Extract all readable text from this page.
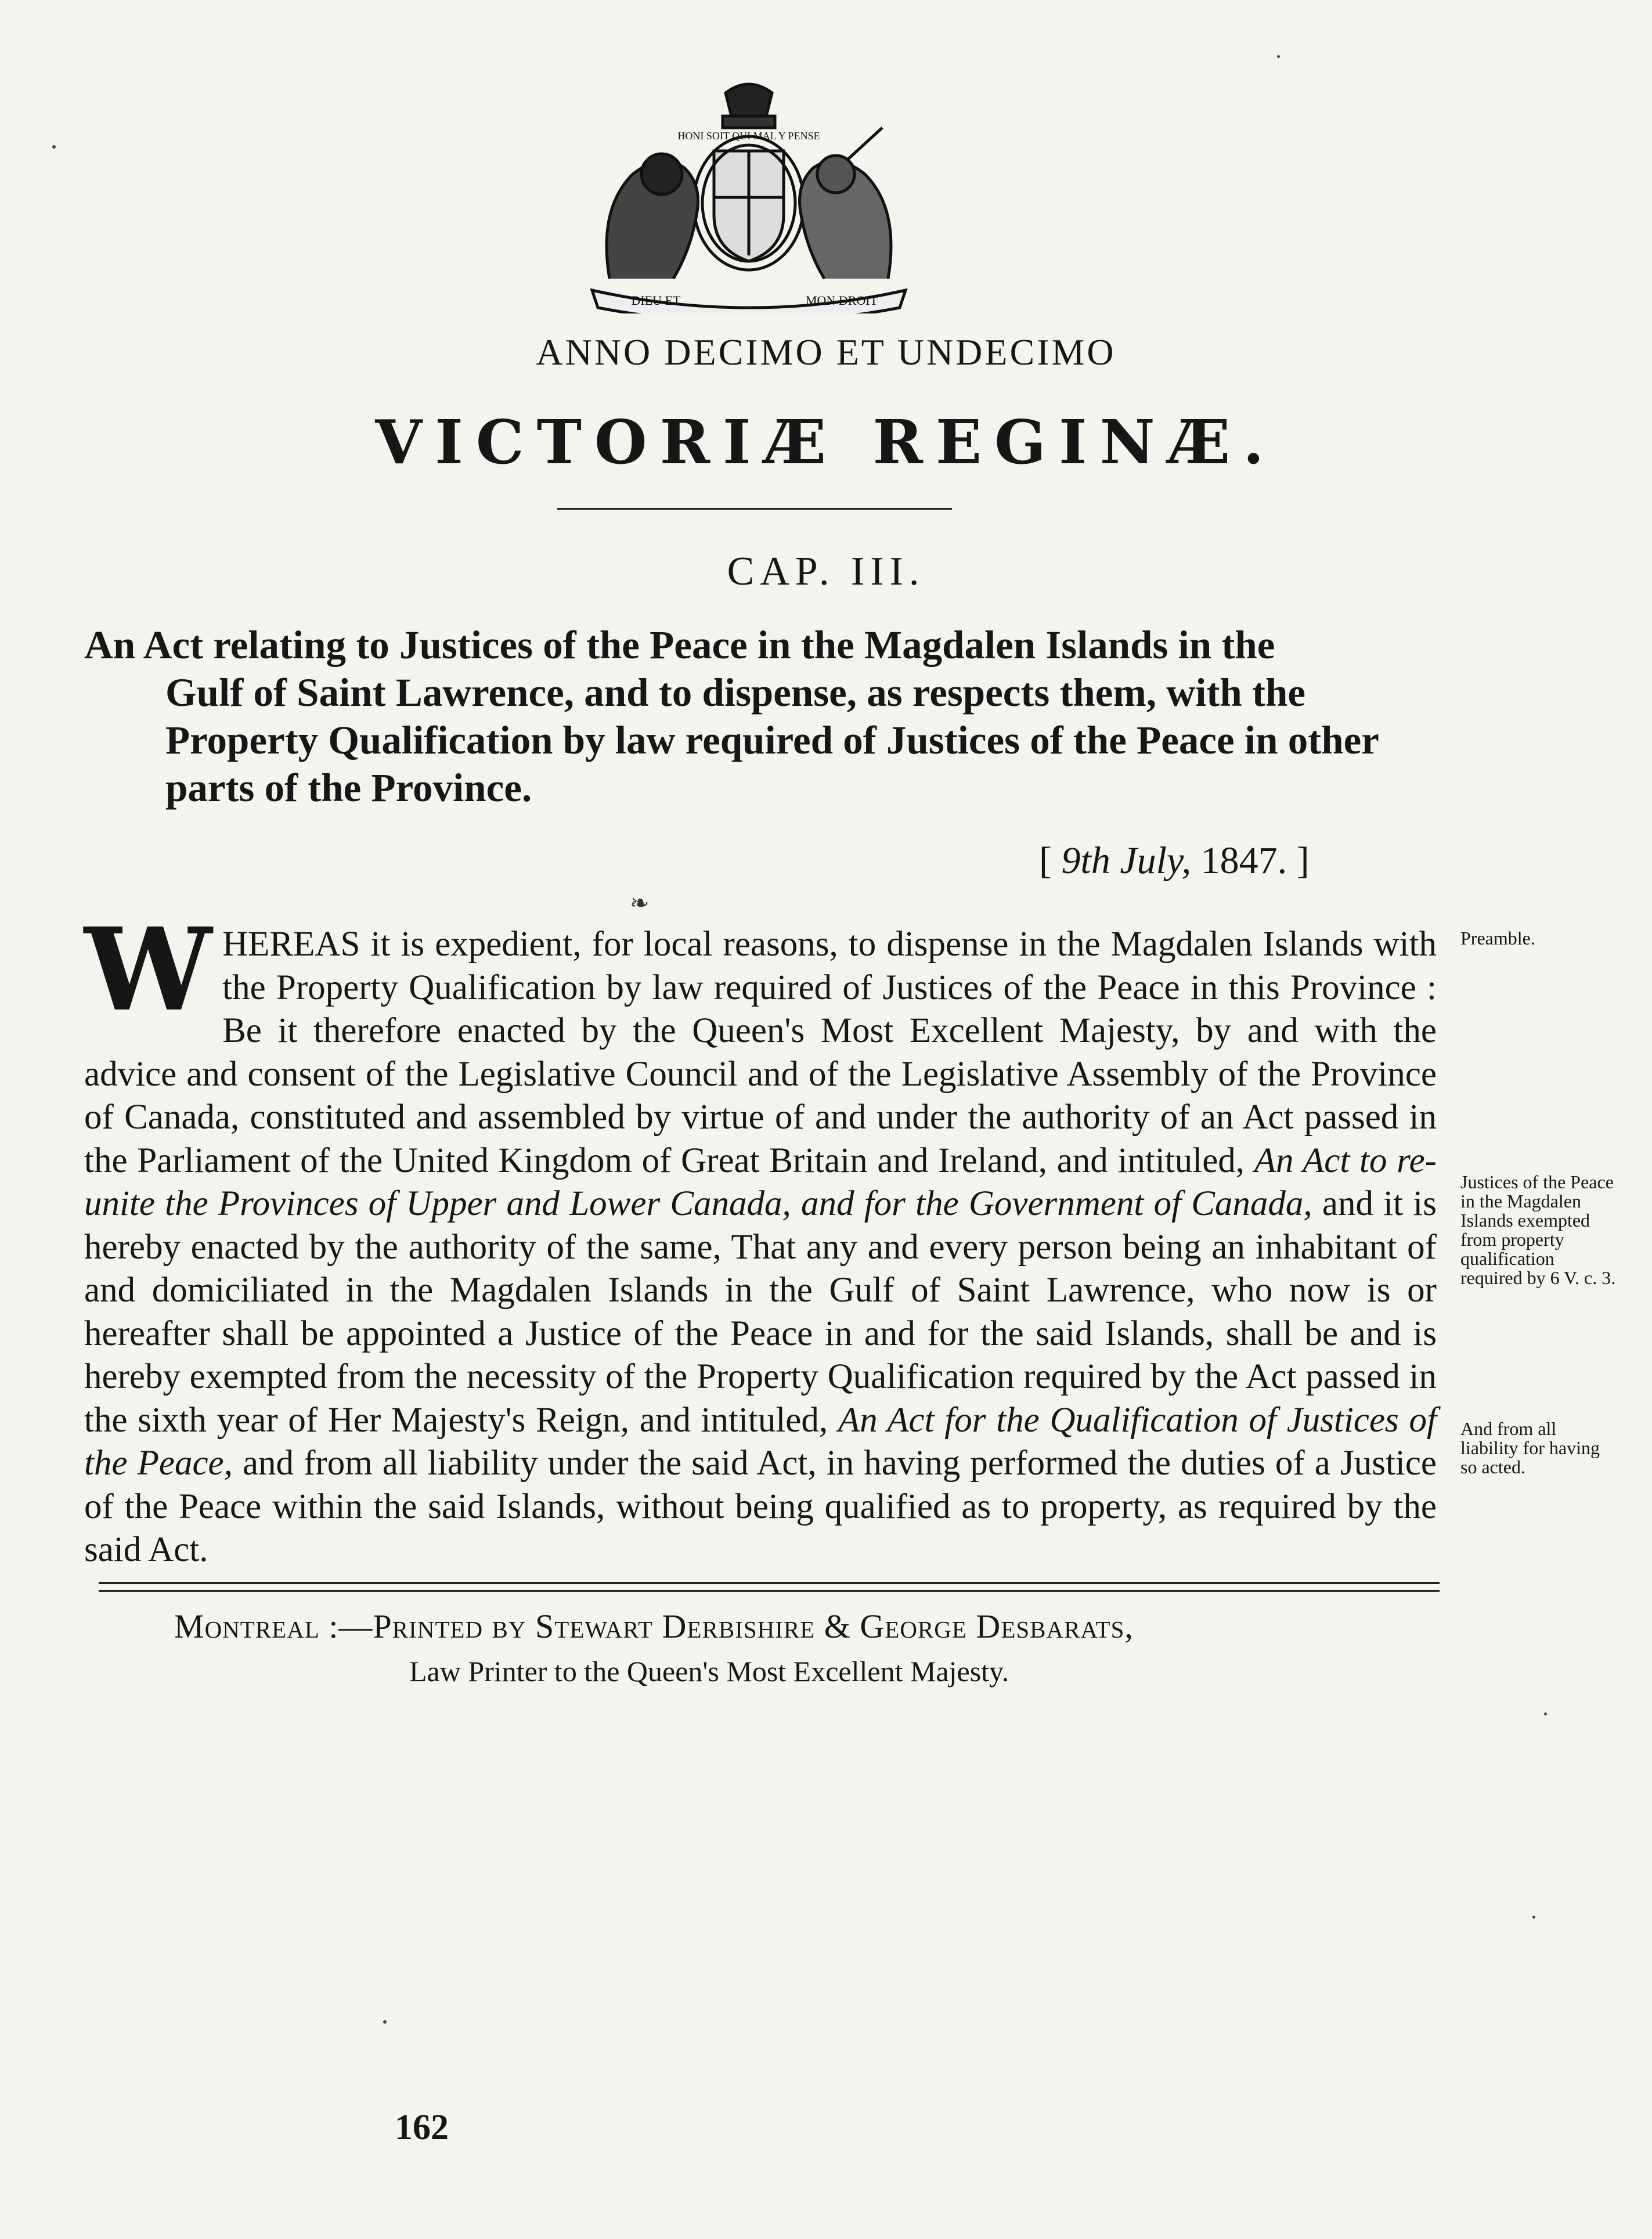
HONI SOIT QUI MAL Y PENSE
DIEU ET	MON DROIT
ANNO DECIMO ET UNDECIMO
VICTORIÆ REGINÆ.
CAP. III.
An Act relating to Justices of the Peace in the Magdalen Islands in the
Gulf of Saint Lawrence, and to dispense, as respects them, with the Property Qualification by law required of Justices of the Peace in other parts of the Province.
[ 9th July, 1847. ]
❧
WHEREAS it is expedient, for local reasons, to dispense in the Magdalen Islands with the Property Qualification by law required of Justices of the Peace in this Province : Be it therefore enacted by the Queen's Most Excellent Majesty, by and with the advice and consent of the Legislative Council and of the Legislative Assembly of the Province of Canada, constituted and assembled by virtue of and under the authority of an Act passed in the Parliament of the United Kingdom of Great Britain and Ireland, and intituled, An Act to re-unite the Provinces of Upper and Lower Canada, and for the Government of Canada, and it is hereby enacted by the authority of the same, That any and every person being an inhabitant of and domiciliated in the Magdalen Islands in the Gulf of Saint Lawrence, who now is or hereafter shall be appointed a Justice of the Peace in and for the said Islands, shall be and is hereby exempted from the necessity of the Property Qualification required by the Act passed in the sixth year of Her Majesty's Reign, and intituled, An Act for the Qualification of Justices of the Peace, and from all liability under the said Act, in having performed the duties of a Justice of the Peace within the said Islands, without being qualified as to property, as required by the said Act.
Preamble.
Justices of the Peace in the Magdalen Islands exempted from property qualification required by 6 V. c. 3.
And from all liability for having so acted.
Montreal :—Printed by Stewart Derbishire & George Desbarats,
Law Printer to the Queen's Most Excellent Majesty.
162
